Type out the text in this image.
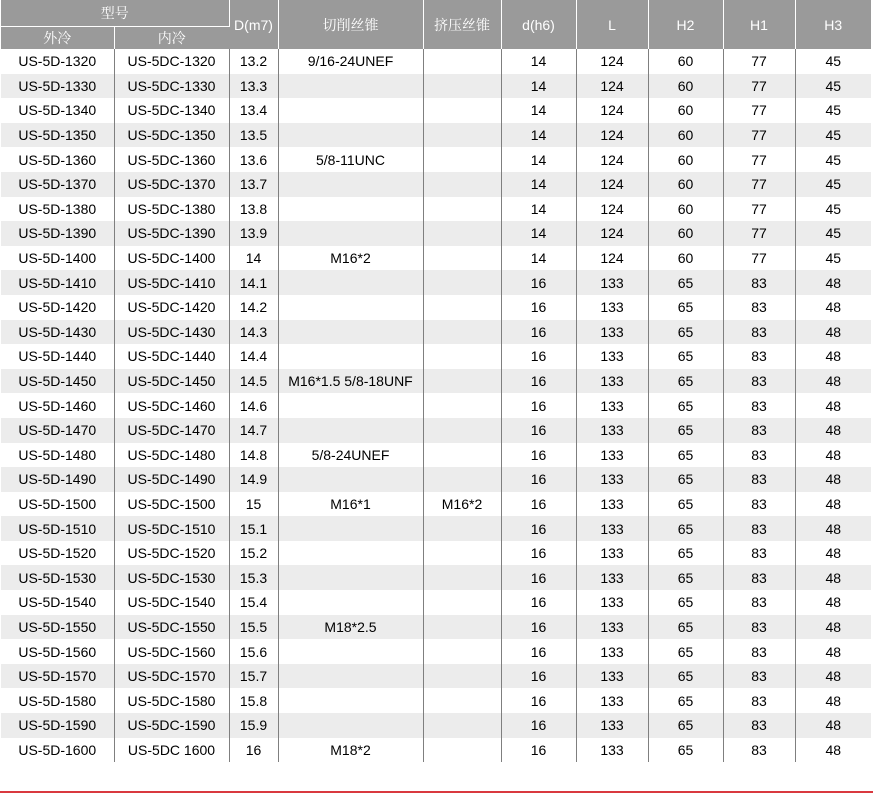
型号		D(m7)	切削丝锥	挤压丝锥	d(h6)	L	H2	H1	H3
外冷	内冷								
US-5D-1320	US-5DC-1320	13.2	9/16-24UNEF		14	124	60	77	45
US-5D-1330	US-5DC-1330	13.3			14	124	60	77	45
US-5D-1340	US-5DC-1340	13.4			14	124	60	77	45
US-5D-1350	US-5DC-1350	13.5			14	124	60	77	45
US-5D-1360	US-5DC-1360	13.6	5/8-11UNC		14	124	60	77	45
US-5D-1370	US-5DC-1370	13.7			14	124	60	77	45
US-5D-1380	US-5DC-1380	13.8			14	124	60	77	45
US-5D-1390	US-5DC-1390	13.9			14	124	60	77	45
US-5D-1400	US-5DC-1400	14	M16*2		14	124	60	77	45
US-5D-1410	US-5DC-1410	14.1			16	133	65	83	48
US-5D-1420	US-5DC-1420	14.2			16	133	65	83	48
US-5D-1430	US-5DC-1430	14.3			16	133	65	83	48
US-5D-1440	US-5DC-1440	14.4			16	133	65	83	48
US-5D-1450	US-5DC-1450	14.5	M16*1.5 5/8-18UNF		16	133	65	83	48
US-5D-1460	US-5DC-1460	14.6			16	133	65	83	48
US-5D-1470	US-5DC-1470	14.7			16	133	65	83	48
US-5D-1480	US-5DC-1480	14.8	5/8-24UNEF		16	133	65	83	48
US-5D-1490	US-5DC-1490	14.9			16	133	65	83	48
US-5D-1500	US-5DC-1500	15	M16*1	M16*2	16	133	65	83	48
US-5D-1510	US-5DC-1510	15.1			16	133	65	83	48
US-5D-1520	US-5DC-1520	15.2			16	133	65	83	48
US-5D-1530	US-5DC-1530	15.3			16	133	65	83	48
US-5D-1540	US-5DC-1540	15.4			16	133	65	83	48
US-5D-1550	US-5DC-1550	15.5	M18*2.5		16	133	65	83	48
US-5D-1560	US-5DC-1560	15.6			16	133	65	83	48
US-5D-1570	US-5DC-1570	15.7			16	133	65	83	48
US-5D-1580	US-5DC-1580	15.8			16	133	65	83	48
US-5D-1590	US-5DC-1590	15.9			16	133	65	83	48
US-5D-1600	US-5DC 1600	16	M18*2		16	133	65	83	48
